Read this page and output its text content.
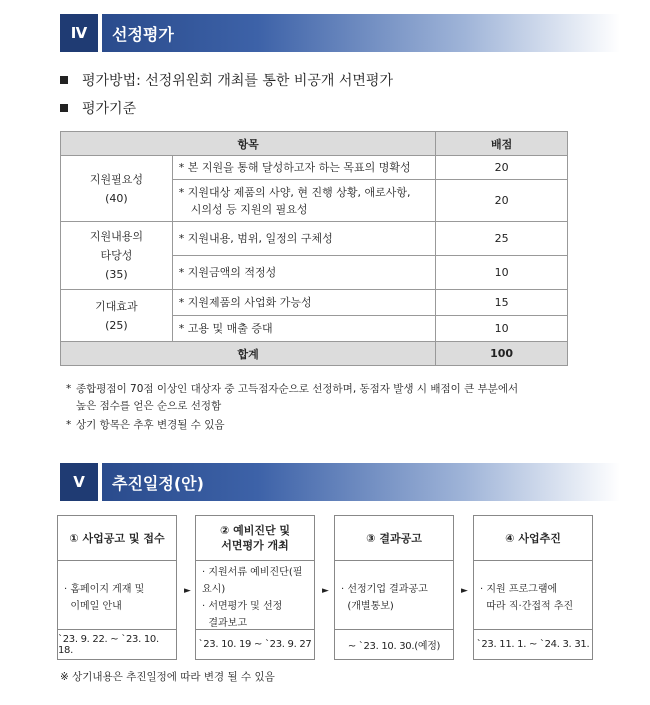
Ⅳ	선정평가
평가방법: 선정위원회 개최를 통한 비공개 서면평가
평가기준
항목		배점

지원필요성
(40)	* 본 지원을 통해 달성하고자 하는 목표의 명확성	20

	* 지원대상 제품의 사양, 현 진행 상황, 애로사항,
시의성 등 지원의 필요성	20

지원내용의
타당성
(35)	* 지원내용, 범위, 일정의 구체성	25

	* 지원금액의 적정성	10

기대효과
(25)	* 지원제품의 사업화 가능성	15

	* 고용 및 매출 증대	10
합계		100
* 종합평점이 70점 이상인 대상자 중 고득점자순으로 선정하며, 동점자 발생 시 배점이 큰 부분에서
높은 점수를 얻은 순으로 선정함
* 상기 항목은 추후 변경될 수 있음
Ⅴ	추진일정(안)
① 사업공고 및 접수
· 홈페이지 게재 및
이메일 안내
`23. 9. 22. ~ `23. 10. 18.
►
② 예비진단 및
서면평가 개최
· 지원서류 예비진단(필요시)
· 서면평가 및 선정
결과보고
`23. 10. 19 ~ `23. 9. 27
►
③ 결과공고
· 선정기업 결과공고
(개별통보)
~ `23. 10. 30.(예정)
►
④ 사업추진
· 지원 프로그램에
따라 직·간접적 추진
`23. 11. 1. ~ `24. 3. 31.
※ 상기내용은 추진일정에 따라 변경 될 수 있음
